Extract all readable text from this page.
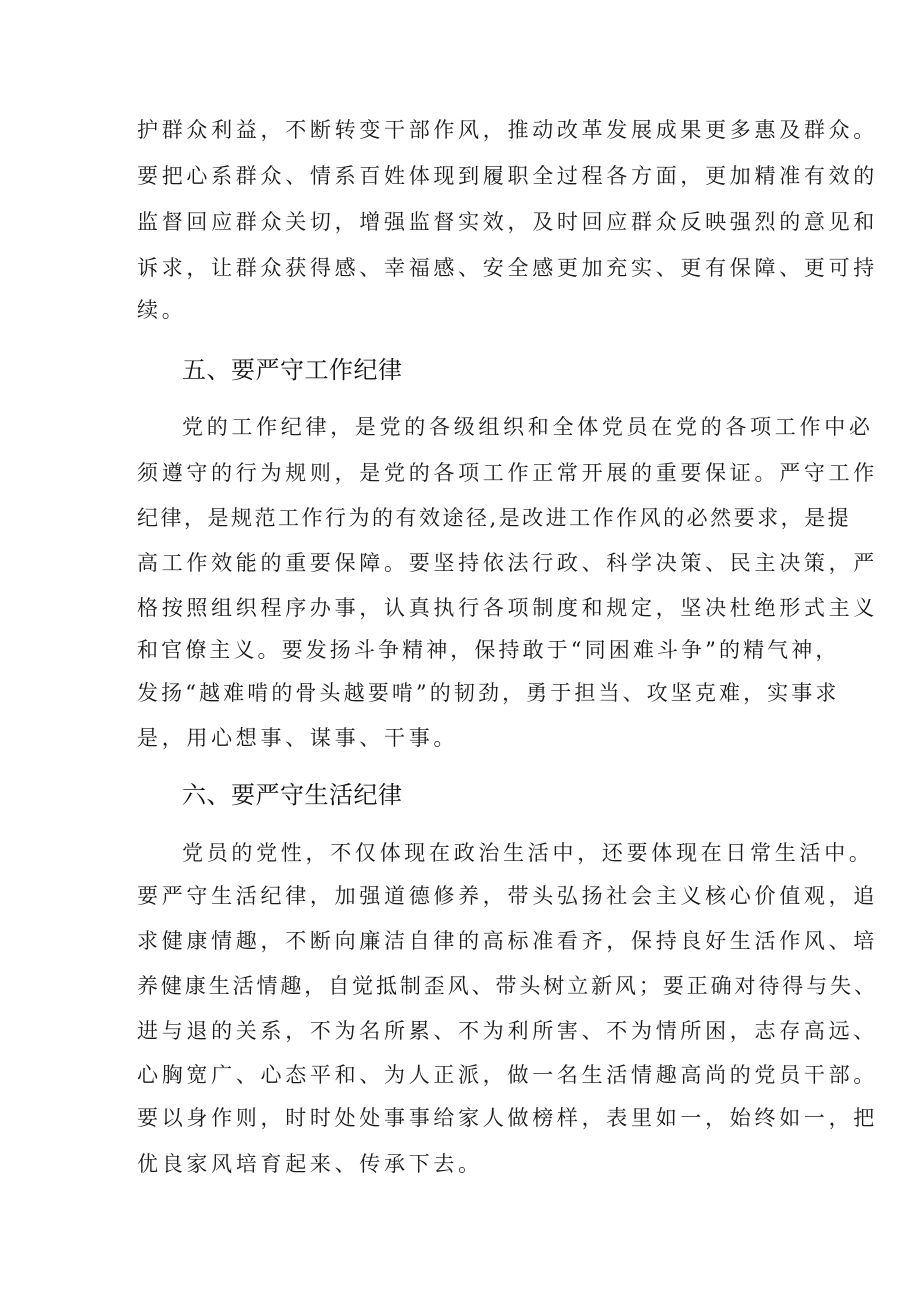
护群众利益，不断转变干部作风，推动改革发展成果更多惠及群众。
要把心系群众、情系百姓体现到履职全过程各方面，更加精准有效的
监督回应群众关切，增强监督实效，及时回应群众反映强烈的意见和
诉求，让群众获得感、幸福感、安全感更加充实、更有保障、更可持
续。
五、要严守工作纪律
党的工作纪律，是党的各级组织和全体党员在党的各项工作中必
须遵守的行为规则，是党的各项工作正常开展的重要保证。严守工作
纪律，是规范工作行为的有效途径,是改进工作作风的必然要求，是提
高工作效能的重要保障。要坚持依法行政、科学决策、民主决策，严
格按照组织程序办事，认真执行各项制度和规定，坚决杜绝形式主义
和官僚主义。要发扬斗争精神，保持敢于“同困难斗争”的精气神，
发扬“越难啃的骨头越要啃”的韧劲，勇于担当、攻坚克难，实事求
是，用心想事、谋事、干事。
六、要严守生活纪律
党员的党性，不仅体现在政治生活中，还要体现在日常生活中。
要严守生活纪律，加强道德修养，带头弘扬社会主义核心价值观，追
求健康情趣，不断向廉洁自律的高标准看齐，保持良好生活作风、培
养健康生活情趣，自觉抵制歪风、带头树立新风；要正确对待得与失、
进与退的关系，不为名所累、不为利所害、不为情所困，志存高远、
心胸宽广、心态平和、为人正派，做一名生活情趣高尚的党员干部。
要以身作则，时时处处事事给家人做榜样，表里如一，始终如一，把
优良家风培育起来、传承下去。
